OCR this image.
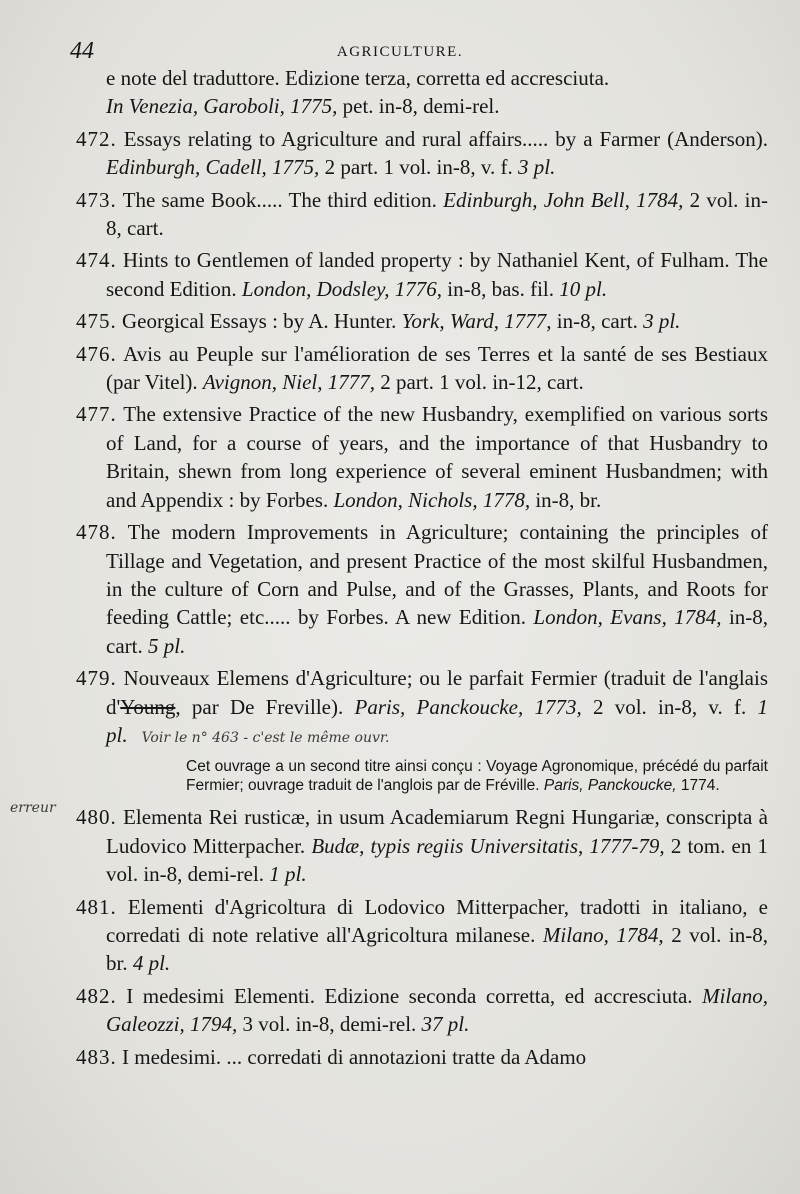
44	AGRICULTURE.
erreur
e note del traduttore. Edizione terza, corretta ed accresciuta.
In Venezia, Garoboli, 1775, pet. in-8, demi-rel.
472. Essays relating to Agriculture and rural affairs..... by a Farmer (Anderson). Edinburgh, Cadell, 1775, 2 part. 1 vol. in-8, v. f. 3 pl.
473. The same Book..... The third edition. Edinburgh, John Bell, 1784, 2 vol. in-8, cart.
474. Hints to Gentlemen of landed property : by Nathaniel Kent, of Fulham. The second Edition. London, Dodsley, 1776, in-8, bas. fil. 10 pl.
475. Georgical Essays : by A. Hunter. York, Ward, 1777, in-8, cart. 3 pl.
476. Avis au Peuple sur l'amélioration de ses Terres et la santé de ses Bestiaux (par Vitel). Avignon, Niel, 1777, 2 part. 1 vol. in-12, cart.
477. The extensive Practice of the new Husbandry, exemplified on various sorts of Land, for a course of years, and the importance of that Husbandry to Britain, shewn from long experience of several eminent Husbandmen; with and Appendix : by Forbes. London, Nichols, 1778, in-8, br.
478. The modern Improvements in Agriculture; containing the principles of Tillage and Vegetation, and present Practice of the most skilful Husbandmen, in the culture of Corn and Pulse, and of the Grasses, Plants, and Roots for feeding Cattle; etc..... by Forbes. A new Edition. London, Evans, 1784, in-8, cart. 5 pl.
479. Nouveaux Elemens d'Agriculture; ou le parfait Fermier (traduit de l'anglais d'Young, par De Freville). Paris, Panckoucke, 1773, 2 vol. in-8, v. f. 1 pl. Voir le n° 463 - c'est le même ouvr.
Cet ouvrage a un second titre ainsi conçu : Voyage Agronomique, précédé du parfait Fermier; ouvrage traduit de l'anglois par de Fréville. Paris, Panckoucke, 1774.
480. Elementa Rei rusticæ, in usum Academiarum Regni Hungariæ, conscripta à Ludovico Mitterpacher. Budæ, typis regiis Universitatis, 1777-79, 2 tom. en 1 vol. in-8, demi-rel. 1 pl.
481. Elementi d'Agricoltura di Lodovico Mitterpacher, tradotti in italiano, e corredati di note relative all'Agricoltura milanese. Milano, 1784, 2 vol. in-8, br. 4 pl.
482. I medesimi Elementi. Edizione seconda corretta, ed accresciuta. Milano, Galeozzi, 1794, 3 vol. in-8, demi-rel. 37 pl.
483. I medesimi. ... corredati di annotazioni tratte da Adamo
